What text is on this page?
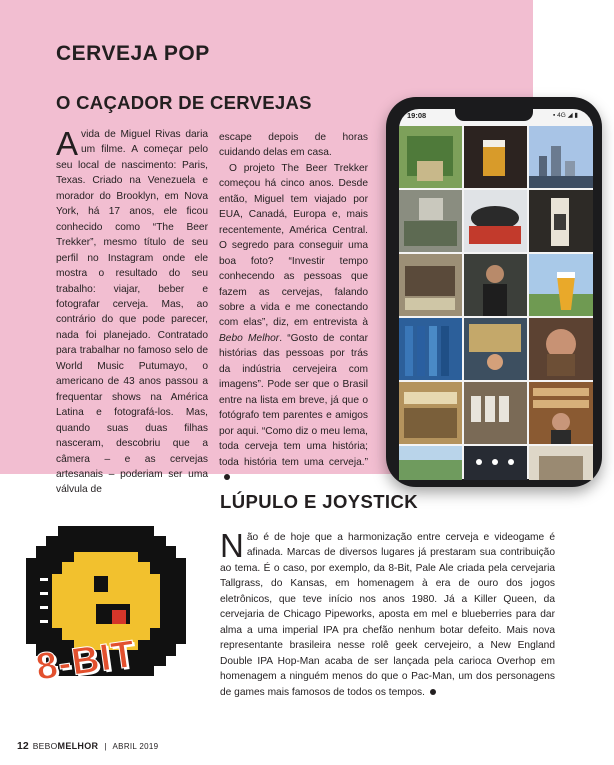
CERVEJA POP
O CAÇADOR DE CERVEJAS

Avida de Miguel Rivas daria um filme. A começar pelo seu local de nascimento: Paris, Texas. Criado na Venezuela e morador do Brooklyn, em Nova York, há 17 anos, ele ficou conhecido como “The Beer Trekker”, mesmo título de seu perfil no Instagram onde ele mostra o resultado do seu trabalho: viajar, beber e fotografar cerveja. Mas, ao contrário do que pode parecer, nada foi planejado. Contratado para trabalhar no famoso selo de World Music Putumayo, o americano de 43 anos passou a frequentar shows na América Latina e fotografá-los. Mas, quando suas duas filhas nasceram, descobriu que a câmera – e as cervejas artesanais – poderiam ser uma válvula de

escape depois de horas cuidando delas em casa.

O projeto The Beer Trekker começou há cinco anos. Desde então, Miguel tem viajado por EUA, Canadá, Europa e, mais recentemente, América Central. O segredo para conseguir uma boa foto? “Investir tempo conhecendo as pessoas que fazem as cervejas, falando sobre a vida e me conectando com elas”, diz, em entrevista à Bebo Melhor. “Gosto de contar histórias das pessoas por trás da indústria cervejeira com imagens”. Pode ser que o Brasil entre na lista em breve, já que o fotógrafo tem parentes e amigos por aqui. “Como diz o meu lema, toda cerveja tem uma história; toda história tem uma cerveja.”

19:08	▪ 4G ◢ ▮
8-BIT
LÚPULO E JOYSTICK

Não é de hoje que a harmonização entre cerveja e videogame é afinada. Marcas de diversos lugares já prestaram sua contribuição ao tema. É o caso, por exemplo, da 8-Bit, Pale Ale criada pela cervejaria Tallgrass, do Kansas, em homenagem à era de ouro dos jogos eletrônicos, que teve início nos anos 1980. Já a Killer Queen, da cervejaria de Chicago Pipeworks, aposta em mel e blueberries para dar alma a uma imperial IPA pra chefão nenhum botar defeito. Mais nova representante brasileira nesse rolê geek cervejeiro, a New England Double IPA Hop-Man acaba de ser lançada pela carioca Overhop em homenagem a ninguém menos do que o Pac-Man, um dos personagens de games mais famosos de todos os tempos.

12 BEBOMELHOR | ABRIL 2019
